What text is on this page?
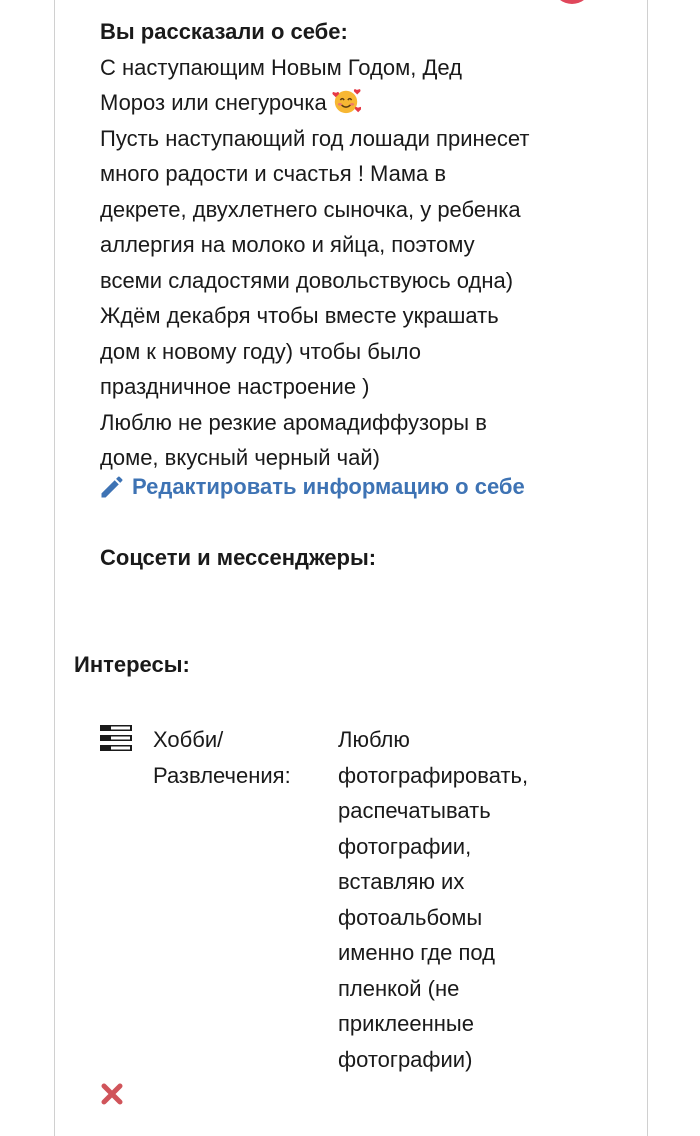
Вы рассказали о себе:
С наступающим Новым Годом, Дед
Мороз или снегурочка
Пусть наступающий год лошади принесет
много радости и счастья ! Мама в
декрете, двухлетнего сыночка, у ребенка
аллергия на молоко и яйца, поэтому
всеми сладостями довольствуюсь одна)
Ждём декабря чтобы вместе украшать
дом к новому году) чтобы было
праздничное настроение )
Люблю не резкие аромадиффузоры в
доме, вкусный черный чай)
Редактировать информацию о себе
Соцсети и мессенджеры:
Интересы:
Хобби/
Развлечения:
Люблю
фотографировать,
распечатывать
фотографии,
вставляю их
фотоальбомы
именно где под
пленкой (не
приклеенные
фотографии)
